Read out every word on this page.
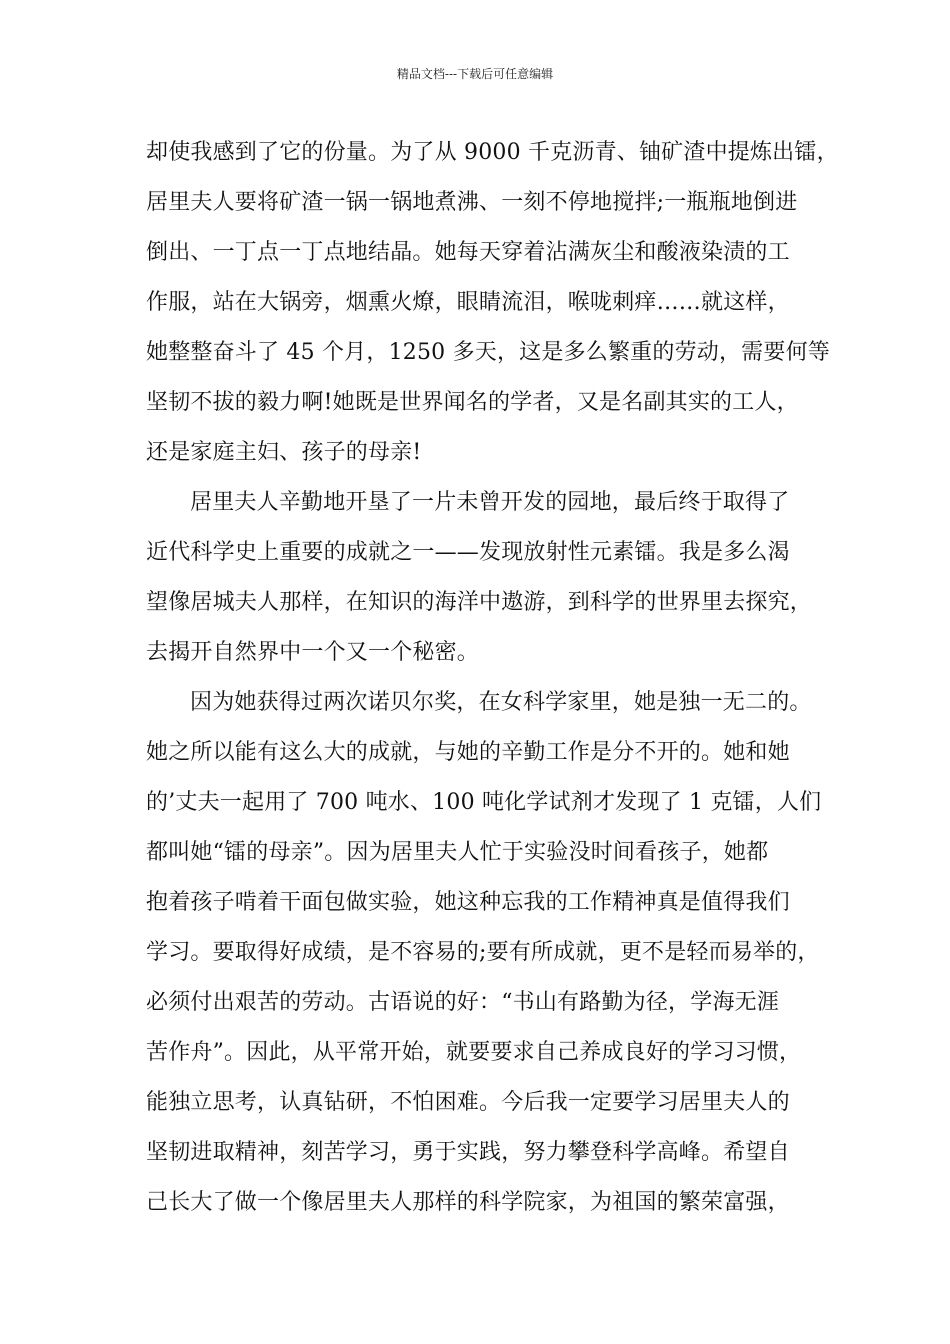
精品文档---下载后可任意编辑
却使我感到了它的份量。为了从 9000 千克沥青、铀矿渣中提炼出镭，
居里夫人要将矿渣一锅一锅地煮沸、一刻不停地搅拌;一瓶瓶地倒进
倒出、一丁点一丁点地结晶。她每天穿着沾满灰尘和酸液染渍的工
作服，站在大锅旁，烟熏火燎，眼睛流泪，喉咙刺痒……就这样，
她整整奋斗了 45 个月，1250 多天，这是多么繁重的劳动，需要何等
坚韧不拔的毅力啊!她既是世界闻名的学者，又是名副其实的工人，
还是家庭主妇、孩子的母亲!
居里夫人辛勤地开垦了一片未曾开发的园地，最后终于取得了
近代科学史上重要的成就之一——发现放射性元素镭。我是多么渴
望像居城夫人那样，在知识的海洋中遨游，到科学的世界里去探究，
去揭开自然界中一个又一个秘密。
因为她获得过两次诺贝尔奖，在女科学家里，她是独一无二的。
她之所以能有这么大的成就，与她的辛勤工作是分不开的。她和她
的’丈夫一起用了 700 吨水、100 吨化学试剂才发现了 1 克镭，人们
都叫她“镭的母亲”。因为居里夫人忙于实验没时间看孩子，她都
抱着孩子啃着干面包做实验，她这种忘我的工作精神真是值得我们
学习。要取得好成绩，是不容易的;要有所成就，更不是轻而易举的，
必须付出艰苦的劳动。古语说的好：“书山有路勤为径，学海无涯
苦作舟”。因此，从平常开始，就要要求自己养成良好的学习习惯，
能独立思考，认真钻研，不怕困难。今后我一定要学习居里夫人的
坚韧进取精神，刻苦学习，勇于实践，努力攀登科学高峰。希望自
己长大了做一个像居里夫人那样的科学院家，为祖国的繁荣富强，
